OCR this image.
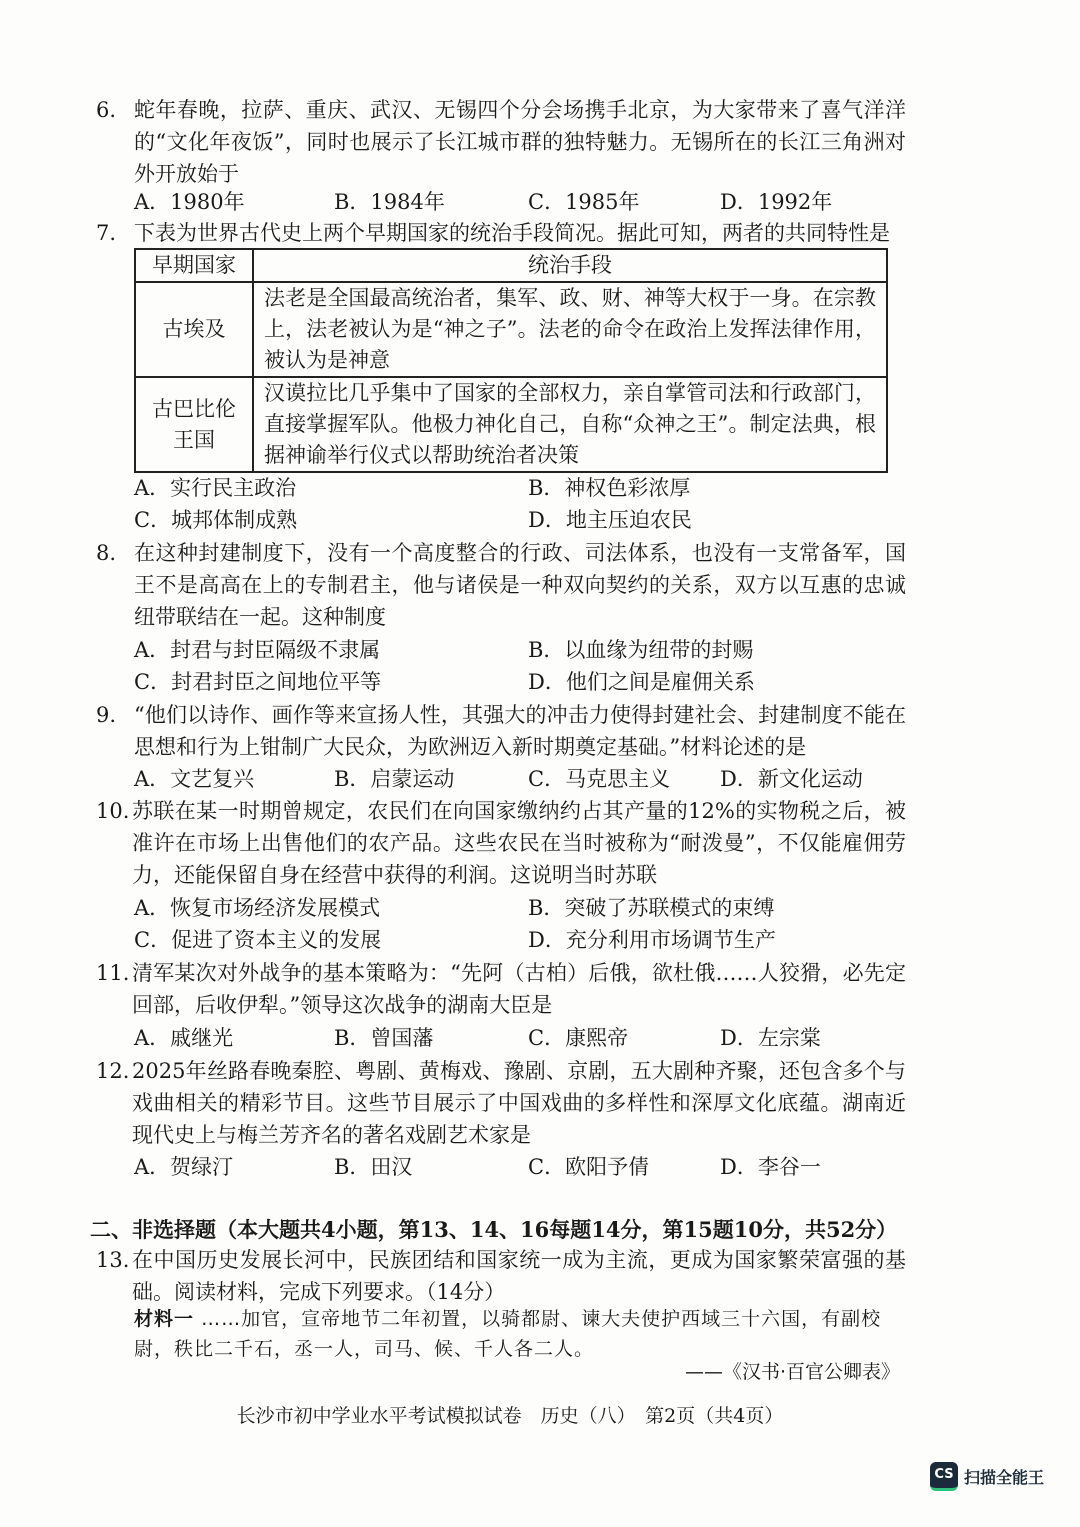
6. 蛇年春晚，拉萨、重庆、武汉、无锡四个分会场携手北京，为大家带来了喜气洋洋的“文化年夜饭”，同时也展示了长江城市群的独特魅力。无锡所在的长江三角洲对外开放始于
A．1980年	B．1984年	C．1985年	D．1992年
7. 下表为世界古代史上两个早期国家的统治手段简况。据此可知，两者的共同特性是
早期国家	统治手段
古埃及	法老是全国最高统治者，集军、政、财、神等大权于一身。在宗教上，法老被认为是“神之子”。法老的命令在政治上发挥法律作用，被认为是神意
古巴比伦王国	汉谟拉比几乎集中了国家的全部权力，亲自掌管司法和行政部门，直接掌握军队。他极力神化自己，自称“众神之王”。制定法典，根据神谕举行仪式以帮助统治者决策
A．实行民主政治	B．神权色彩浓厚
C．城邦体制成熟	D．地主压迫农民
8. 在这种封建制度下，没有一个高度整合的行政、司法体系，也没有一支常备军，国王不是高高在上的专制君主，他与诸侯是一种双向契约的关系，双方以互惠的忠诚纽带联结在一起。这种制度
A．封君与封臣隔级不隶属	B．以血缘为纽带的封赐
C．封君封臣之间地位平等	D．他们之间是雇佣关系
9. “他们以诗作、画作等来宣扬人性，其强大的冲击力使得封建社会、封建制度不能在思想和行为上钳制广大民众，为欧洲迈入新时期奠定基础。”材料论述的是
A．文艺复兴	B．启蒙运动	C．马克思主义 D．新文化运动
10. 苏联在某一时期曾规定，农民们在向国家缴纳约占其产量的12%的实物税之后，被准许在市场上出售他们的农产品。这些农民在当时被称为“耐泼曼”，不仅能雇佣劳力，还能保留自身在经营中获得的利润。这说明当时苏联
A．恢复市场经济发展模式	B．突破了苏联模式的束缚
C．促进了资本主义的发展	D．充分利用市场调节生产
11. 清军某次对外战争的基本策略为：“先阿（古柏）后俄，欲杜俄……人狡猾，必先定回部，后收伊犁。”领导这次战争的湖南大臣是
A．戚继光	B．曾国藩	C．康熙帝	D．左宗棠
12. 2025年丝路春晚秦腔、粤剧、黄梅戏、豫剧、京剧，五大剧种齐聚，还包含多个与戏曲相关的精彩节目。这些节目展示了中国戏曲的多样性和深厚文化底蕴。湖南近现代史上与梅兰芳齐名的著名戏剧艺术家是
A．贺绿汀	B．田汉	C．欧阳予倩	D．李谷一
二、非选择题（本大题共4小题，第13、14、16每题14分，第15题10分，共52分）
13. 在中国历史发展长河中，民族团结和国家统一成为主流，更成为国家繁荣富强的基础。阅读材料，完成下列要求。（14分）
材料一 ……加官，宣帝地节二年初置，以骑都尉、谏大夫使护西域三十六国，有副校尉，秩比二千石，丞一人，司马、候、千人各二人。
——《汉书·百官公卿表》
长沙市初中学业水平考试模拟试卷　历史（八）　第2页（共4页）
CS 扫描全能王
